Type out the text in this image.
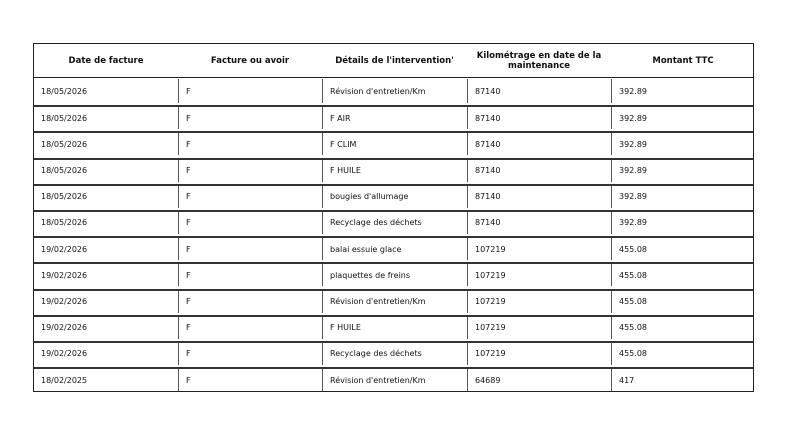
Date de facture	Facture ou avoir	Détails de l'intervention'	Kilométrage en date de la maintenance	Montant TTC
18/05/2026	F	Révision d'entretien/Km	87140	392.89
18/05/2026	F	F AIR	87140	392.89
18/05/2026	F	F CLIM	87140	392.89
18/05/2026	F	F HUILE	87140	392.89
18/05/2026	F	bougies d'allumage	87140	392.89
18/05/2026	F	Recyclage des déchets	87140	392.89
19/02/2026	F	balai essuie glace	107219	455.08
19/02/2026	F	plaquettes de freins	107219	455.08
19/02/2026	F	Révision d'entretien/Km	107219	455.08
19/02/2026	F	F HUILE	107219	455.08
19/02/2026	F	Recyclage des déchets	107219	455.08
18/02/2025	F	Révision d'entretien/Km	64689	417
